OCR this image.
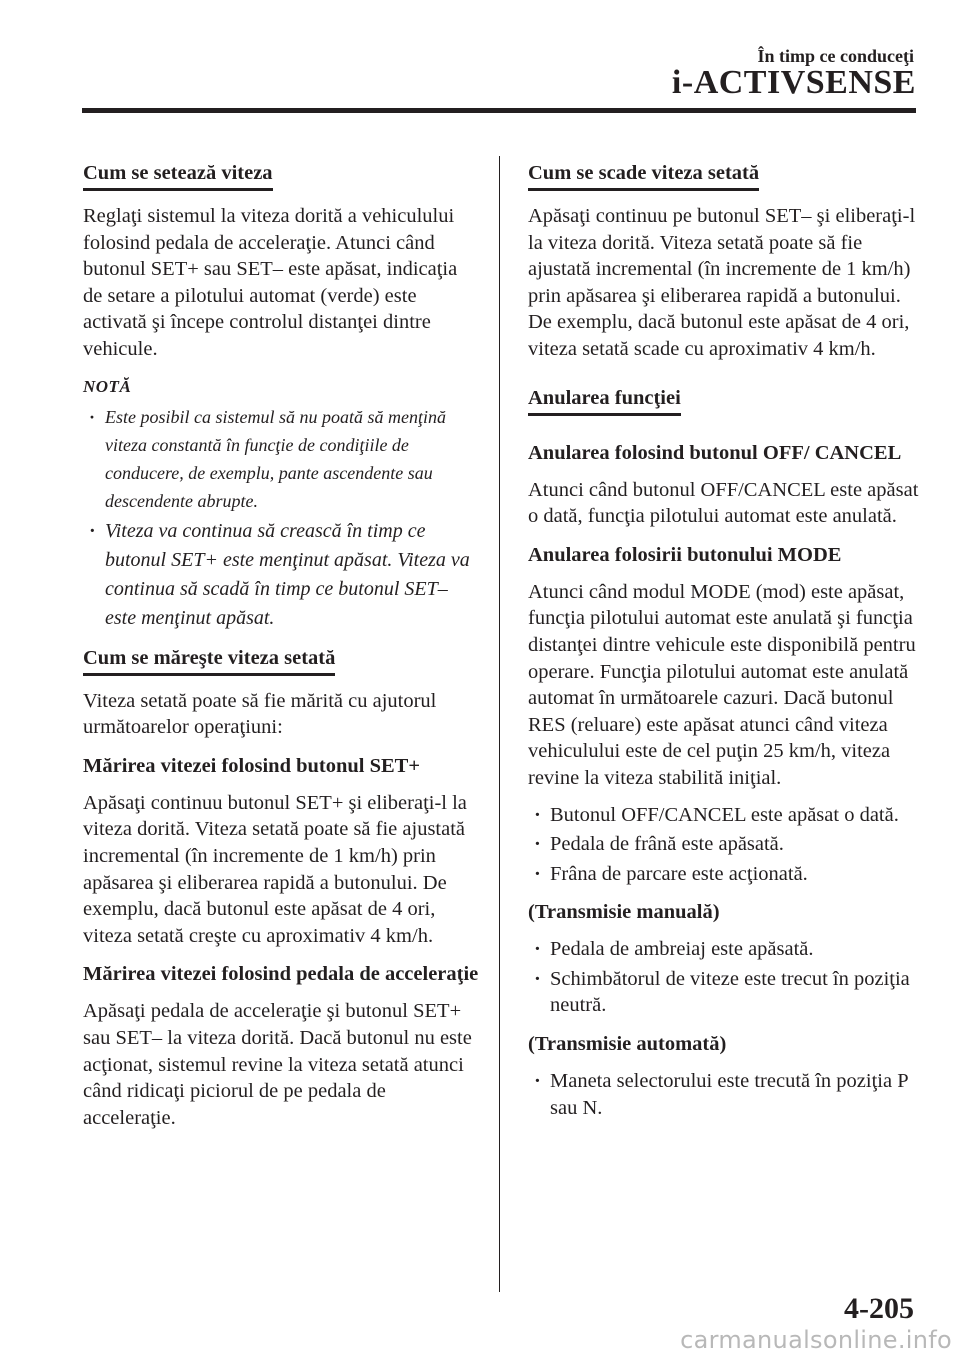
În timp ce conduceţi
i-ACTIVSENSE
Cum se setează viteza

Reglaţi sistemul la viteza dorită a vehiculului folosind pedala de acceleraţie. Atunci când butonul SET+ sau SET– este apăsat, indicaţia de setare a pilotului automat (verde) este activată şi începe controlul distanţei dintre vehicule.

NOTĂ
· Este posibil ca sistemul să nu poată să menţină viteza constantă în funcţie de condiţiile de conducere, de exemplu, pante ascendente sau descendente abrupte.
· Viteza va continua să crească în timp ce butonul SET+ este menţinut apăsat. Viteza va continua să scadă în timp ce butonul SET– este menţinut apăsat.
Cum se măreşte viteza setată

Viteza setată poate să fie mărită cu ajutorul următoarelor operaţiuni:

Mărirea vitezei folosind butonul SET+

Apăsaţi continuu butonul SET+ şi eliberaţi-l la viteza dorită. Viteza setată poate să fie ajustată incremental (în incremente de 1 km/h) prin apăsarea şi eliberarea rapidă a butonului. De exemplu, dacă butonul este apăsat de 4 ori, viteza setată creşte cu aproximativ 4 km/h.

Mărirea vitezei folosind pedala de acceleraţie

Apăsaţi pedala de acceleraţie şi butonul SET+ sau SET– la viteza dorită. Dacă butonul nu este acţionat, sistemul revine la viteza setată atunci când ridicaţi piciorul de pe pedala de acceleraţie.

Cum se scade viteza setată

Apăsaţi continuu pe butonul SET– şi eliberaţi-l la viteza dorită. Viteza setată poate să fie ajustată incremental (în incremente de 1 km/h) prin apăsarea şi eliberarea rapidă a butonului. De exemplu, dacă butonul este apăsat de 4 ori, viteza setată scade cu aproximativ 4 km/h.

Anularea funcţiei
Anularea folosind butonul OFF/ CANCEL

Atunci când butonul OFF/CANCEL este apăsat o dată, funcţia pilotului automat este anulată.

Anularea folosirii butonului MODE

Atunci când modul MODE (mod) este apăsat, funcţia pilotului automat este anulată şi funcţia distanţei dintre vehicule este disponibilă pentru operare. Funcţia pilotului automat este anulată automat în următoarele cazuri. Dacă butonul RES (reluare) este apăsat atunci când viteza vehiculului este de cel puţin 25 km/h, viteza revine la viteza stabilită iniţial.

· Butonul OFF/CANCEL este apăsat o dată.
· Pedala de frână este apăsată.
· Frâna de parcare este acţionată.
(Transmisie manuală)
· Pedala de ambreiaj este apăsată.
· Schimbătorul de viteze este trecut în poziţia neutră.
(Transmisie automată)
· Maneta selectorului este trecută în poziţia P sau N.
4-205
carmanualsonline.info
